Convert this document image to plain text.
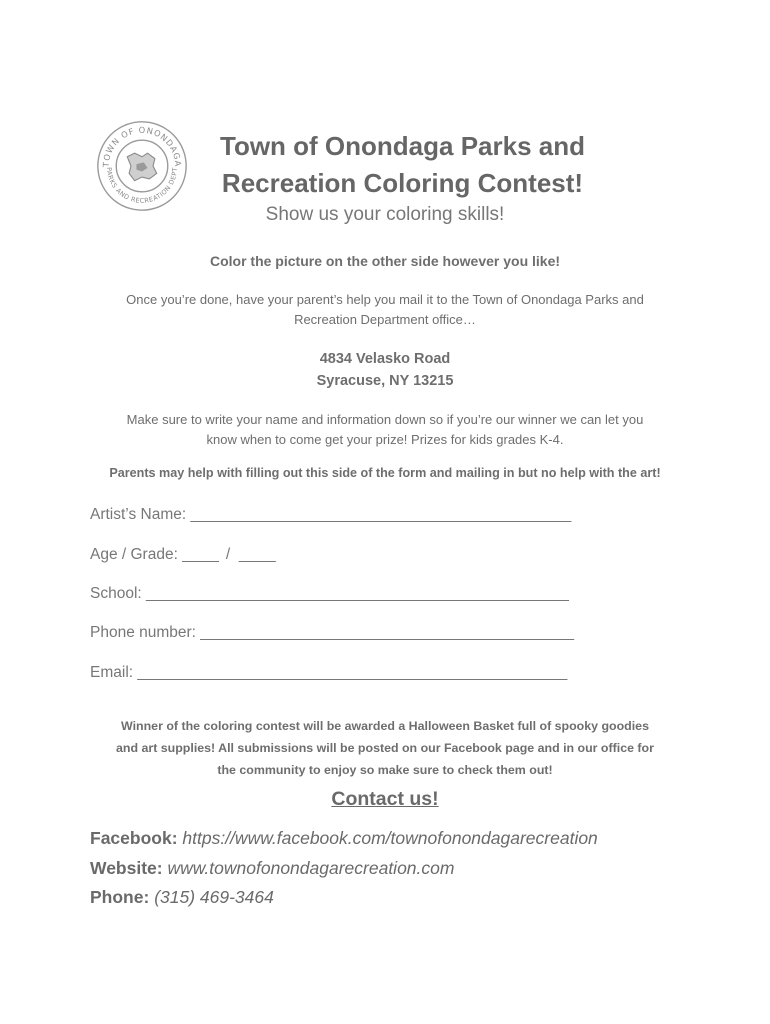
TOWN OF ONONDAGA
PARKS AND RECREATION DEPT
Town of Onondaga Parks and
Recreation Coloring Contest!
Show us your coloring skills!
Color the picture on the other side however you like!
Once you’re done, have your parent’s help you mail it to the Town of Onondaga Parks and
Recreation Department office…
4834 Velasko Road
Syracuse, NY 13215
Make sure to write your name and information down so if you’re our winner we can let you
know when to come get your prize! Prizes for kids grades K-4.
Parents may help with filling out this side of the form and mailing in but no help with the art!
Artist’s Name: ______________________________________________________
Age / Grade: _____  /  _____
School: ____________________________________________________________
Phone number: _____________________________________________________
Email: _____________________________________________________________
Winner of the coloring contest will be awarded a Halloween Basket full of spooky goodies
and art supplies! All submissions will be posted on our Facebook page and in our office for
the community to enjoy so make sure to check them out!
Contact us!
Facebook: https://www.facebook.com/townofonondagarecreation
Website: www.townofonondagarecreation.com
Phone: (315) 469-3464
